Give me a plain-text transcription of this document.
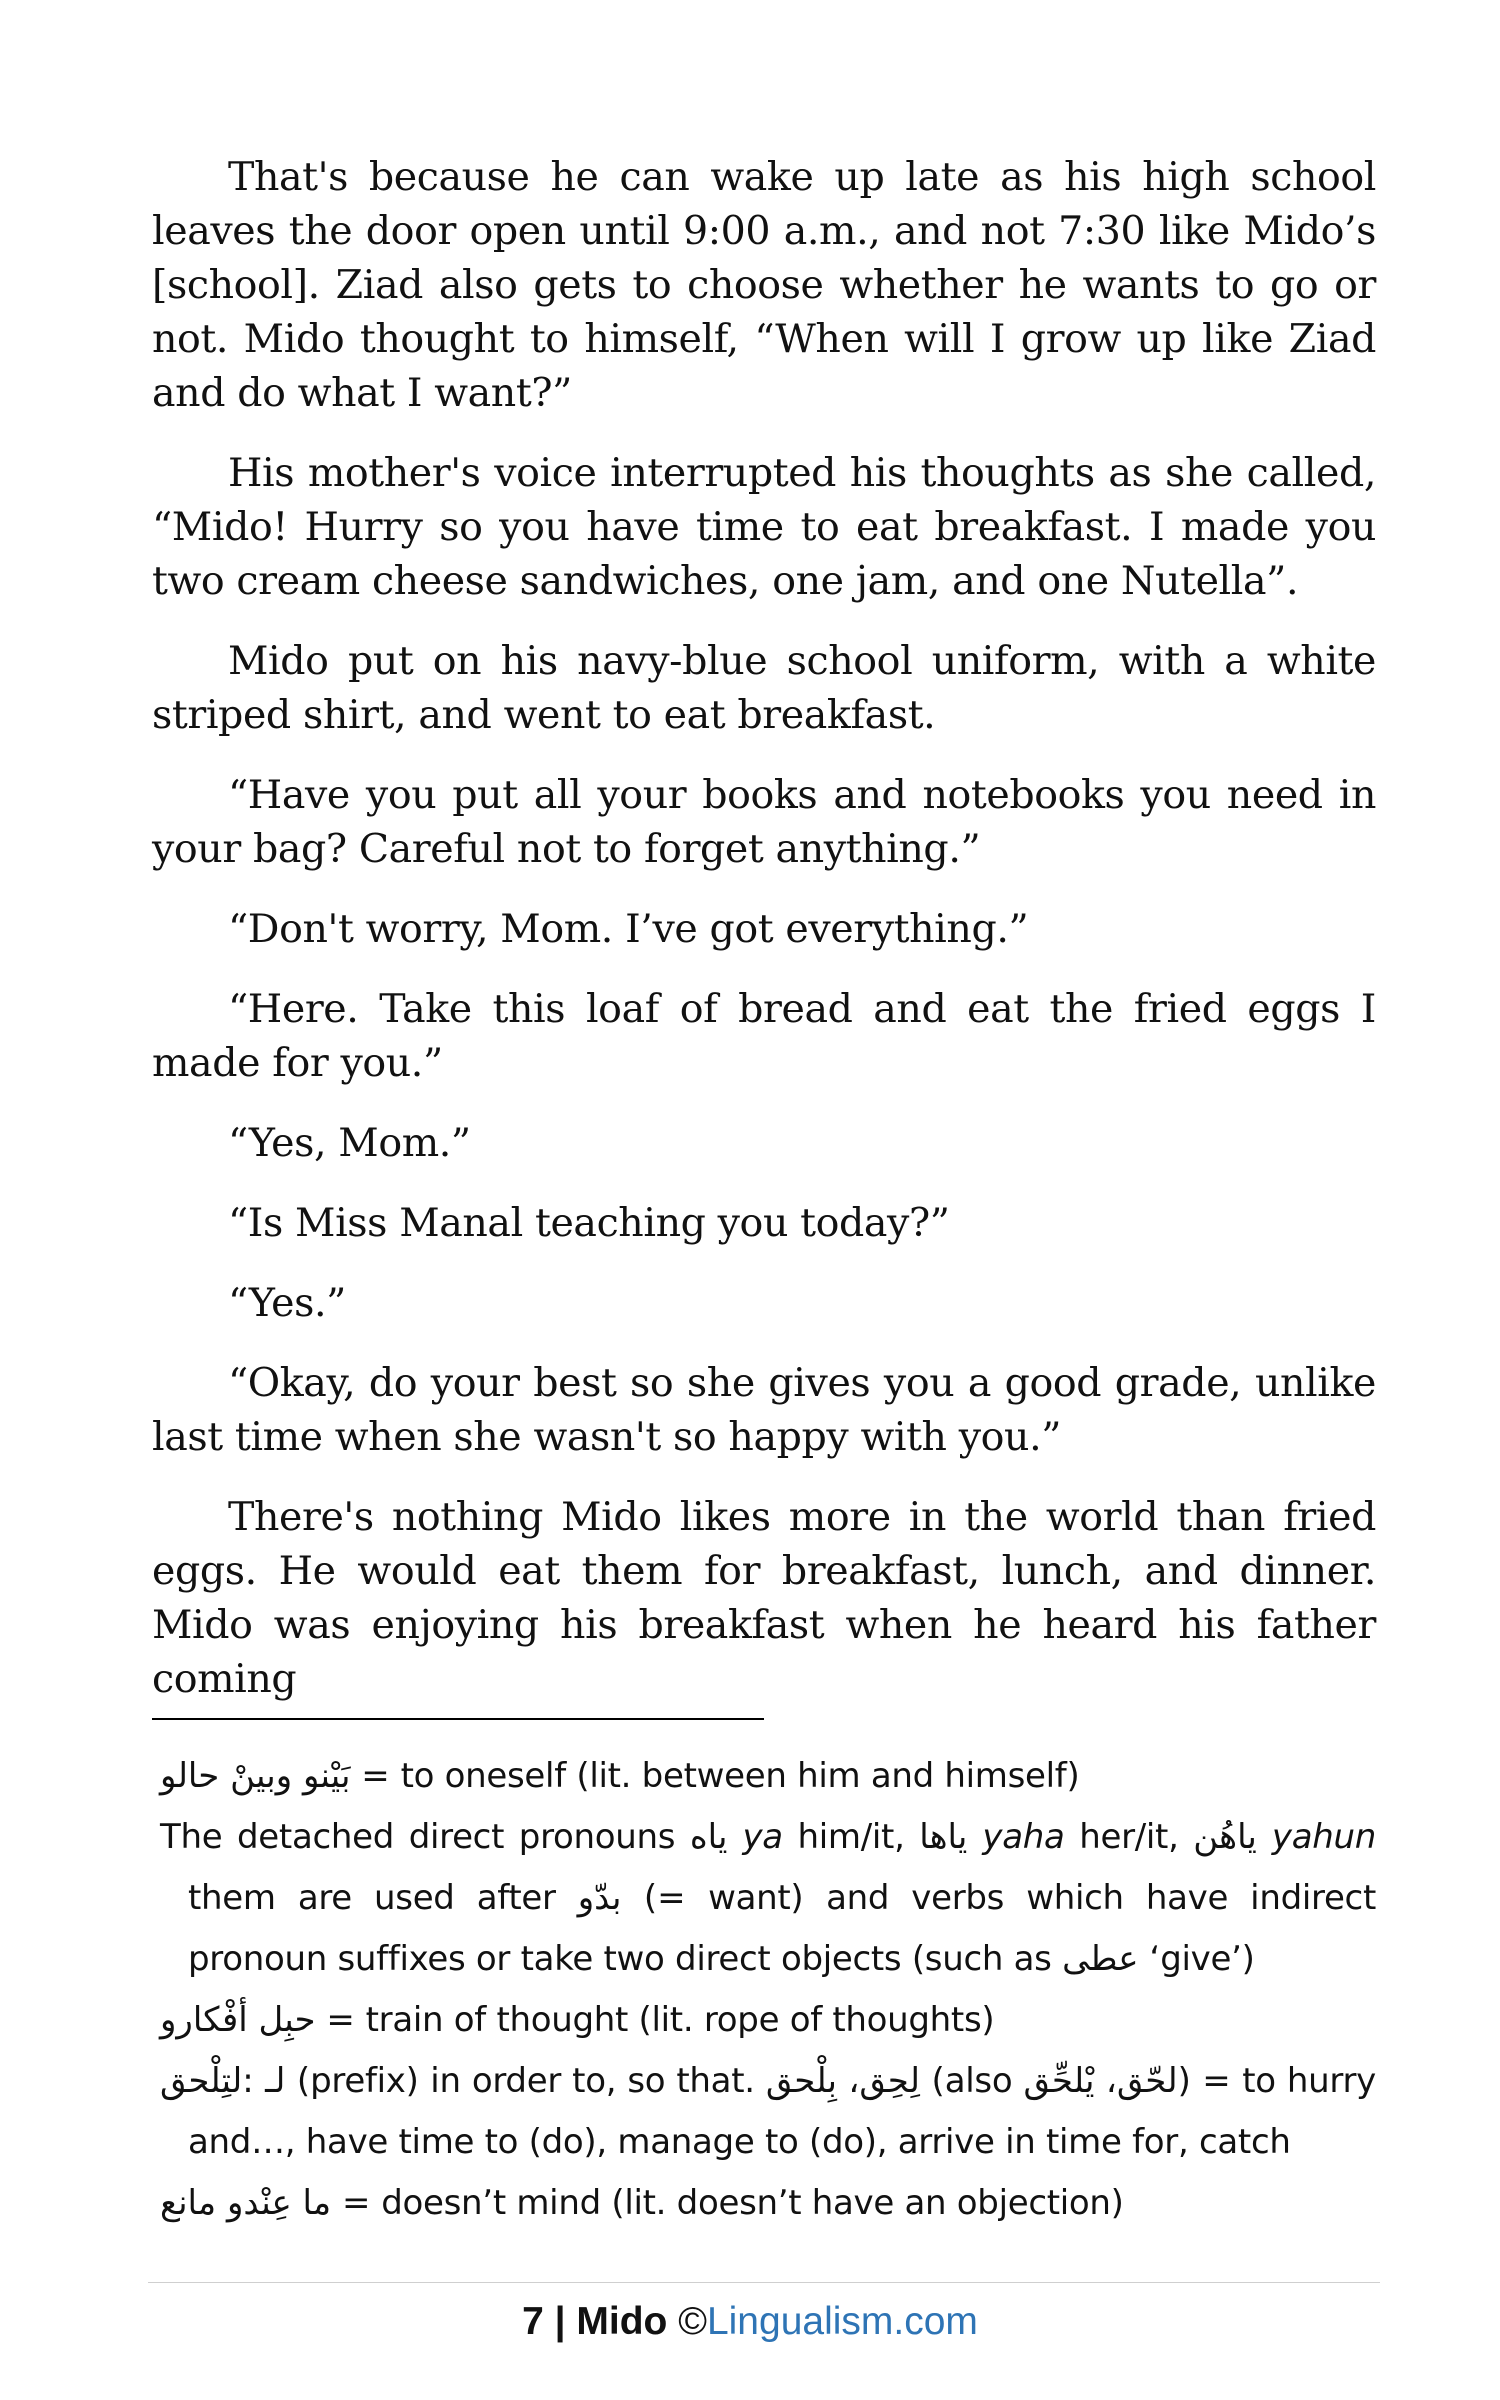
That's because he can wake up late as his high school leaves the door open until 9:00 a.m., and not 7:30 like Mido’s [school]. Ziad also gets to choose whether he wants to go or not. Mido thought to himself, “When will I grow up like Ziad and do what I want?”

His mother's voice interrupted his thoughts as she called, “Mido! Hurry so you have time to eat breakfast. I made you two cream cheese sandwiches, one jam, and one Nutella”.

Mido put on his navy-blue school uniform, with a white striped shirt, and went to eat breakfast.

“Have you put all your books and notebooks you need in your bag? Careful not to forget anything.”

“Don't worry, Mom. I’ve got everything.”

“Here. Take this loaf of bread and eat the fried eggs I made for you.”

“Yes, Mom.”

“Is Miss Manal teaching you today?”

“Yes.”

“Okay, do your best so she gives you a good grade, unlike last time when she wasn't so happy with you.”

There's nothing Mido likes more in the world than fried eggs. He would eat them for breakfast, lunch, and dinner. Mido was enjoying his breakfast when he heard his father coming

بَيْنو وبينْ حالو = to oneself (lit. between him and himself)
The detached direct pronouns ياه ya him/it, ياها yaha her/it, ياهُن yahun them are used after بدّو (= want) and verbs which have indirect pronoun suffixes or take two direct objects (such as عطى ‘give’)
حبِل أفْكارو = train of thought (lit. rope of thoughts)
لتِلْحق: لـ (prefix) in order to, so that. لِحِق، بِلْحق (also لحّق، يْلحِّق) = to hurry and…, have time to (do), manage to (do), arrive in time for, catch
ما عِنْدو مانع = doesn’t mind (lit. doesn’t have an objection)
7 | Mido ©Lingualism.com
